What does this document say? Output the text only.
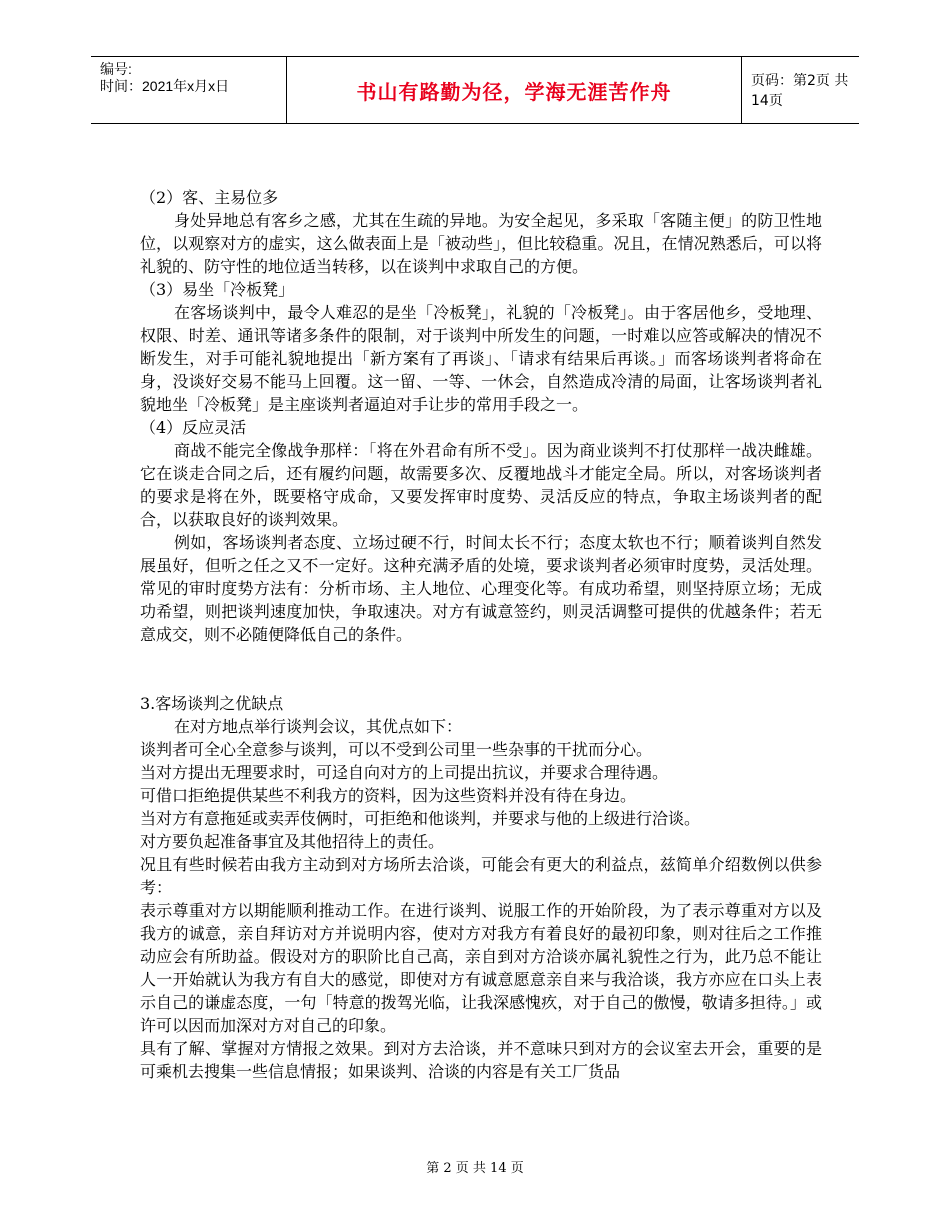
编号:
时间：2021年x月x日	书山有路勤为径，学海无涯苦作舟	页码：第2页 共14页

（2）客、主易位多

身处异地总有客乡之感，尤其在生疏的异地。为安全起见，多采取「客随主便」的防卫性地位，以观察对方的虚实，这么做表面上是「被动些」，但比较稳重。况且，在情况熟悉后，可以将礼貌的、防守性的地位适当转移，以在谈判中求取自己的方便。

（3）易坐「冷板凳」

在客场谈判中，最令人难忍的是坐「冷板凳」，礼貌的「冷板凳」。由于客居他乡，受地理、权限、时差、通讯等诸多条件的限制，对于谈判中所发生的问题，一时难以应答或解决的情况不断发生，对手可能礼貌地提出「新方案有了再谈」、「请求有结果后再谈。」而客场谈判者将命在身，没谈好交易不能马上回覆。这一留、一等、一休会，自然造成冷清的局面，让客场谈判者礼貌地坐「冷板凳」是主座谈判者逼迫对手让步的常用手段之一。

（4）反应灵活

商战不能完全像战争那样：「将在外君命有所不受」。因为商业谈判不打仗那样一战决雌雄。它在谈走合同之后，还有履约问题，故需要多次、反覆地战斗才能定全局。所以，对客场谈判者的要求是将在外，既要格守成命，又要发挥审时度势、灵活反应的特点，争取主场谈判者的配合，以获取良好的谈判效果。

例如，客场谈判者态度、立场过硬不行，时间太长不行；态度太软也不行；顺着谈判自然发展虽好，但听之任之又不一定好。这种充满矛盾的处境，要求谈判者必须审时度势，灵活处理。常见的审时度势方法有：分析市场、主人地位、心理变化等。有成功希望，则坚持原立场；无成功希望，则把谈判速度加快，争取速决。对方有诚意签约，则灵活调整可提供的优越条件；若无意成交，则不必随便降低自己的条件。

3.客场谈判之优缺点

在对方地点举行谈判会议，其优点如下：

谈判者可全心全意参与谈判，可以不受到公司里一些杂事的干扰而分心。

当对方提出无理要求时，可迳自向对方的上司提出抗议，并要求合理待遇。

可借口拒绝提供某些不利我方的资料，因为这些资料并没有待在身边。

当对方有意拖延或卖弄伎俩时，可拒绝和他谈判，并要求与他的上级进行洽谈。

对方要负起准备事宜及其他招待上的责任。

况且有些时候若由我方主动到对方场所去洽谈，可能会有更大的利益点，兹简单介绍数例以供参考：

表示尊重对方以期能顺利推动工作。在进行谈判、说服工作的开始阶段，为了表示尊重对方以及我方的诚意，亲自拜访对方并说明内容，使对方对我方有着良好的最初印象，则对往后之工作推动应会有所助益。假设对方的职阶比自己高，亲自到对方洽谈亦属礼貌性之行为，此乃总不能让人一开始就认为我方有自大的感觉，即使对方有诚意愿意亲自来与我洽谈，我方亦应在口头上表示自己的谦虚态度，一句「特意的拨驾光临，让我深感愧疚，对于自己的傲慢，敬请多担待。」或许可以因而加深对方对自己的印象。

具有了解、掌握对方情报之效果。到对方去洽谈，并不意味只到对方的会议室去开会，重要的是可乘机去搜集一些信息情报；如果谈判、洽谈的内容是有关工厂货品

第 2 页 共 14 页
